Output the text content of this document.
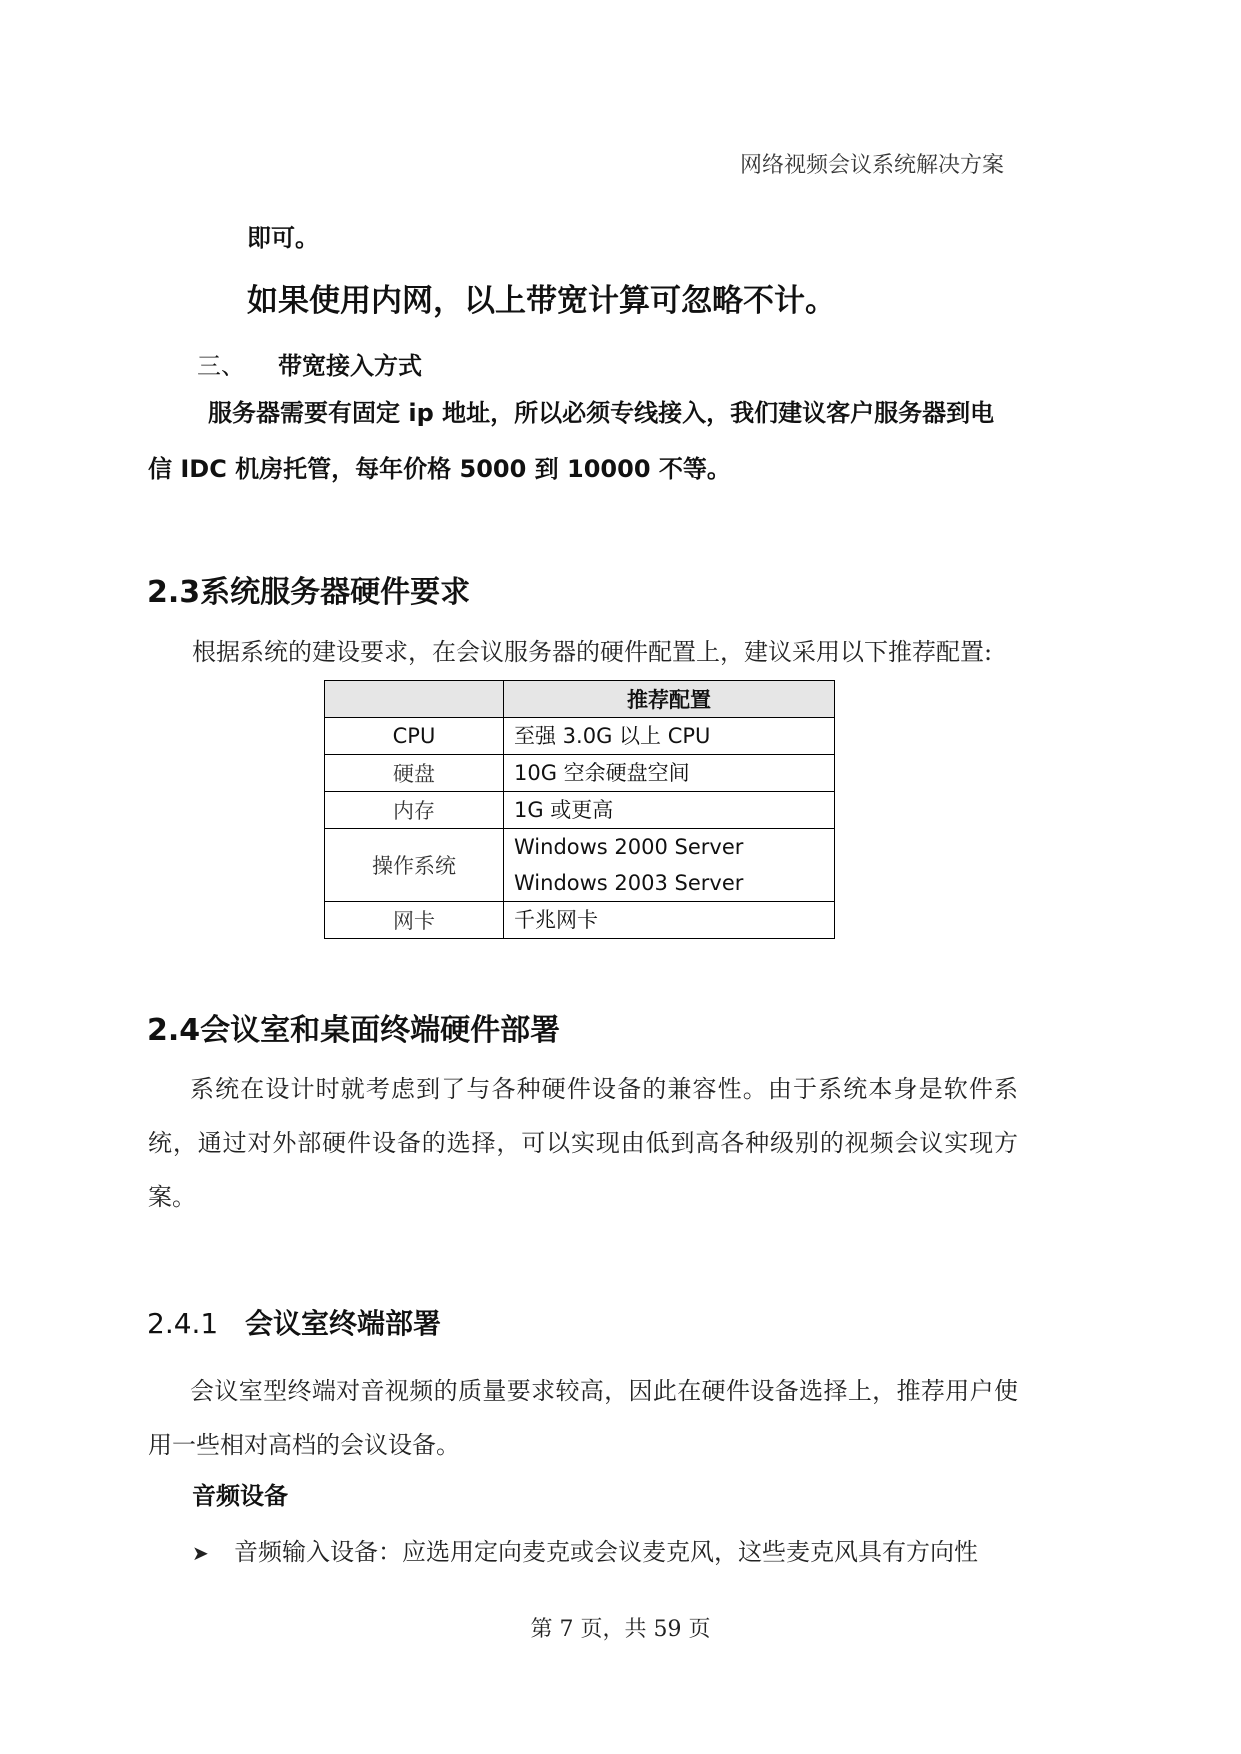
网络视频会议系统解决方案
即可。
如果使用内网，以上带宽计算可忽略不计。
三、 带宽接入方式
服务器需要有固定 ip 地址，所以必须专线接入，我们建议客户服务器到电信 IDC 机房托管，每年价格 5000 到 10000 不等。
2.3系统服务器硬件要求
根据系统的建设要求，在会议服务器的硬件配置上，建议采用以下推荐配置:
	推荐配置
CPU	至强 3.0G 以上 CPU

硬盘	10G 空余硬盘空间

内存	1G 或更高

操作系统	Windows 2000 Server
Windows 2003 Server

网卡	千兆网卡
2.4会议室和桌面终端硬件部署
系统在设计时就考虑到了与各种硬件设备的兼容性。由于系统本身是软件系统，通过对外部硬件设备的选择，可以实现由低到高各种级别的视频会议实现方案。
2.4.1 会议室终端部署
会议室型终端对音视频的质量要求较高，因此在硬件设备选择上，推荐用户使用一些相对高档的会议设备。
音频设备
➤ 音频输入设备：应选用定向麦克或会议麦克风，这些麦克风具有方向性
第 7 页，共 59 页
